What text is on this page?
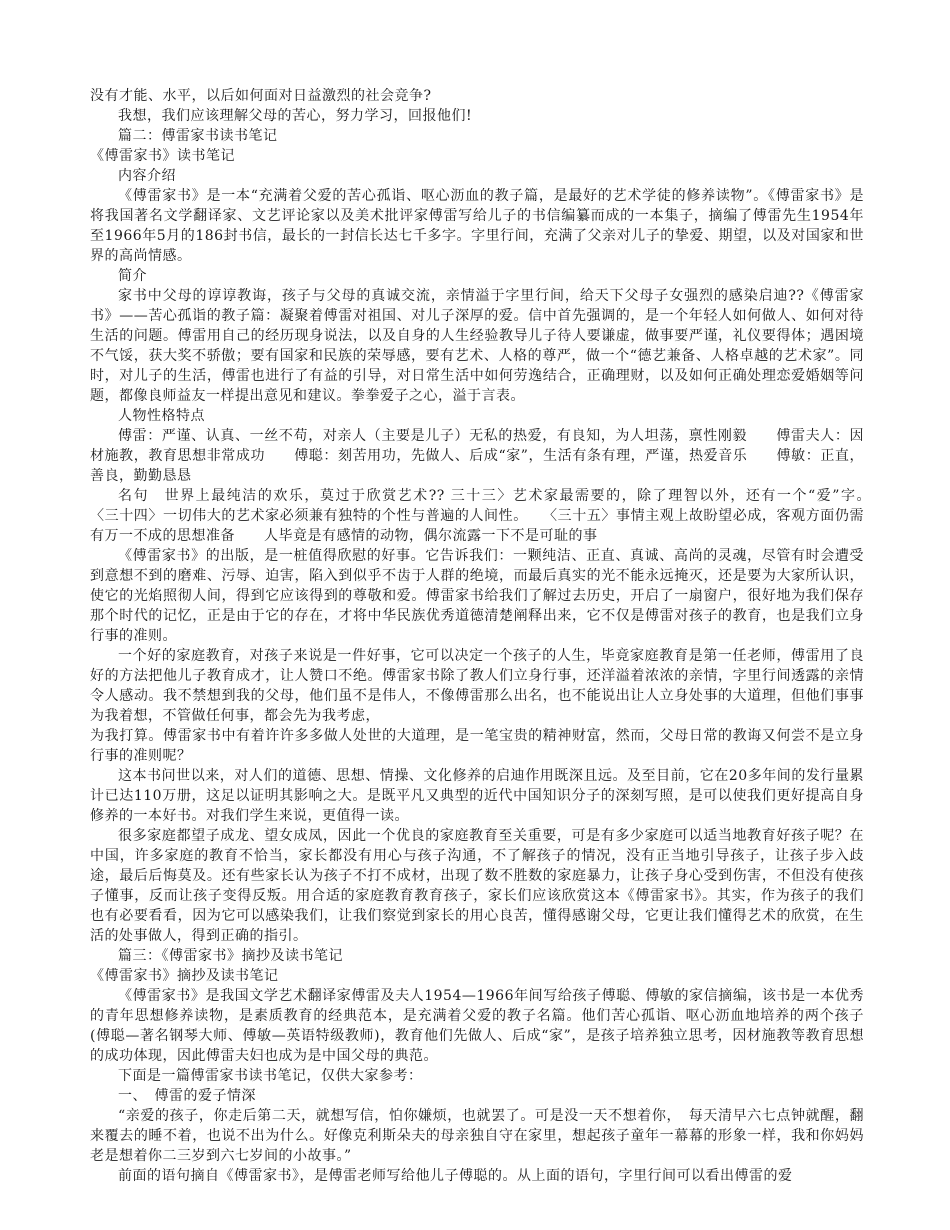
没有才能、水平，以后如何面对日益激烈的社会竞争?

我想，我们应该理解父母的苦心，努力学习，回报他们!

篇二：傅雷家书读书笔记

《傅雷家书》读书笔记

内容介绍

《傅雷家书》是一本“充满着父爱的苦心孤诣、呕心沥血的教子篇，是最好的艺术学徒的修养读物”。《傅雷家书》是将我国著名文学翻译家、文艺评论家以及美术批评家傅雷写给儿子的书信编纂而成的一本集子，摘编了傅雷先生1954年至1966年5月的186封书信，最长的一封信长达七千多字。字里行间，充满了父亲对儿子的挚爱、期望，以及对国家和世界的高尚情感。

简介

家书中父母的谆谆教诲，孩子与父母的真诚交流，亲情溢于字里行间，给天下父母子女强烈的感染启迪??《傅雷家书》——苦心孤诣的教子篇：凝聚着傅雷对祖国、对儿子深厚的爱。信中首先强调的，是一个年轻人如何做人、如何对待生活的问题。傅雷用自己的经历现身说法，以及自身的人生经验教导儿子待人要谦虚，做事要严谨，礼仪要得体；遇困境不气馁，获大奖不骄傲；要有国家和民族的荣辱感，要有艺术、人格的尊严，做一个“德艺兼备、人格卓越的艺术家”。同时，对儿子的生活，傅雷也进行了有益的引导，对日常生活中如何劳逸结合，正确理财，以及如何正确处理恋爱婚姻等问题，都像良师益友一样提出意见和建议。拳拳爱子之心，溢于言表。

人物性格特点

傅雷：严谨、认真、一丝不苟，对亲人（主要是儿子）无私的热爱，有良知，为人坦荡，禀性刚毅　　傅雷夫人：因材施教，教育思想非常成功　　傅聪：刻苦用功，先做人、后成“家”，生活有条有理，严谨，热爱音乐　　傅敏：正直，善良，勤勤恳恳

名句　世界上最纯洁的欢乐，莫过于欣赏艺术?? 三十三〉艺术家最需要的，除了理智以外，还有一个“爱”字。　　〈三十四〉一切伟大的艺术家必须兼有独特的个性与普遍的人间性。　　〈三十五〉事情主观上故盼望必成，客观方面仍需有万一不成的思想准备　　人毕竟是有感情的动物，偶尔流露一下不是可耻的事

《傅雷家书》的出版，是一桩值得欣慰的好事。它告诉我们：一颗纯洁、正直、真诚、高尚的灵魂，尽管有时会遭受到意想不到的磨难、污辱、迫害，陷入到似乎不齿于人群的绝境，而最后真实的光不能永远掩灭，还是要为大家所认识，使它的光焰照彻人间，得到它应该得到的尊敬和爱。傅雷家书给我们了解过去历史，开启了一扇窗户，很好地为我们保存那个时代的记忆，正是由于它的存在，才将中华民族优秀道德清楚阐释出来，它不仅是傅雷对孩子的教育，也是我们立身行事的准则。

一个好的家庭教育，对孩子来说是一件好事，它可以决定一个孩子的人生，毕竟家庭教育是第一任老师，傅雷用了良好的方法把他儿子教育成才，让人赞口不绝。傅雷家书除了教人们立身行事，还洋溢着浓浓的亲情，字里行间透露的亲情令人感动。我不禁想到我的父母，他们虽不是伟人，不像傅雷那么出名，也不能说出让人立身处事的大道理，但他们事事为我着想，不管做任何事，都会先为我考虑，

为我打算。傅雷家书中有着许许多多做人处世的大道理，是一笔宝贵的精神财富，然而，父母日常的教诲又何尝不是立身行事的准则呢？

这本书问世以来，对人们的道德、思想、情操、文化修养的启迪作用既深且远。及至目前，它在20多年间的发行量累计已达110万册，这足以证明其影响之大。是既平凡又典型的近代中国知识分子的深刻写照，是可以使我们更好提高自身修养的一本好书。对我们学生来说，更值得一读。

很多家庭都望子成龙、望女成凤，因此一个优良的家庭教育至关重要，可是有多少家庭可以适当地教育好孩子呢？在中国，许多家庭的教育不恰当，家长都没有用心与孩子沟通，不了解孩子的情况，没有正当地引导孩子，让孩子步入歧途，最后后悔莫及。还有些家长认为孩子不打不成材，出现了数不胜数的家庭暴力，让孩子身心受到伤害，不但没有使孩子懂事，反而让孩子变得反叛。用合适的家庭教育教育孩子，家长们应该欣赏这本《傅雷家书》。其实，作为孩子的我们也有必要看看，因为它可以感染我们，让我们察觉到家长的用心良苦，懂得感谢父母，它更让我们懂得艺术的欣赏，在生活的处事做人，得到正确的指引。

篇三：《傅雷家书》摘抄及读书笔记

《傅雷家书》摘抄及读书笔记

《傅雷家书》是我国文学艺术翻译家傅雷及夫人1954—1966年间写给孩子傅聪、傅敏的家信摘编，该书是一本优秀的青年思想修养读物，是素质教育的经典范本，是充满着父爱的教子名篇。他们苦心孤诣、呕心沥血地培养的两个孩子(傅聪—著名钢琴大师、傅敏—英语特级教师)，教育他们先做人、后成“家”，是孩子培养独立思考，因材施教等教育思想的成功体现，因此傅雷夫妇也成为是中国父母的典范。

下面是一篇傅雷家书读书笔记，仅供大家参考：

一、　傅雷的爱子情深

“亲爱的孩子，你走后第二天，就想写信，怕你嫌烦，也就罢了。可是没一天不想着你，　每天清早六七点钟就醒，翻来覆去的睡不着，也说不出为什么。好像克利斯朵夫的母亲独自守在家里，想起孩子童年一幕幕的形象一样，我和你妈妈老是想着你二三岁到六七岁间的小故事。”

前面的语句摘自《傅雷家书》，是傅雷老师写给他儿子傅聪的。从上面的语句，字里行间可以看出傅雷的爱
